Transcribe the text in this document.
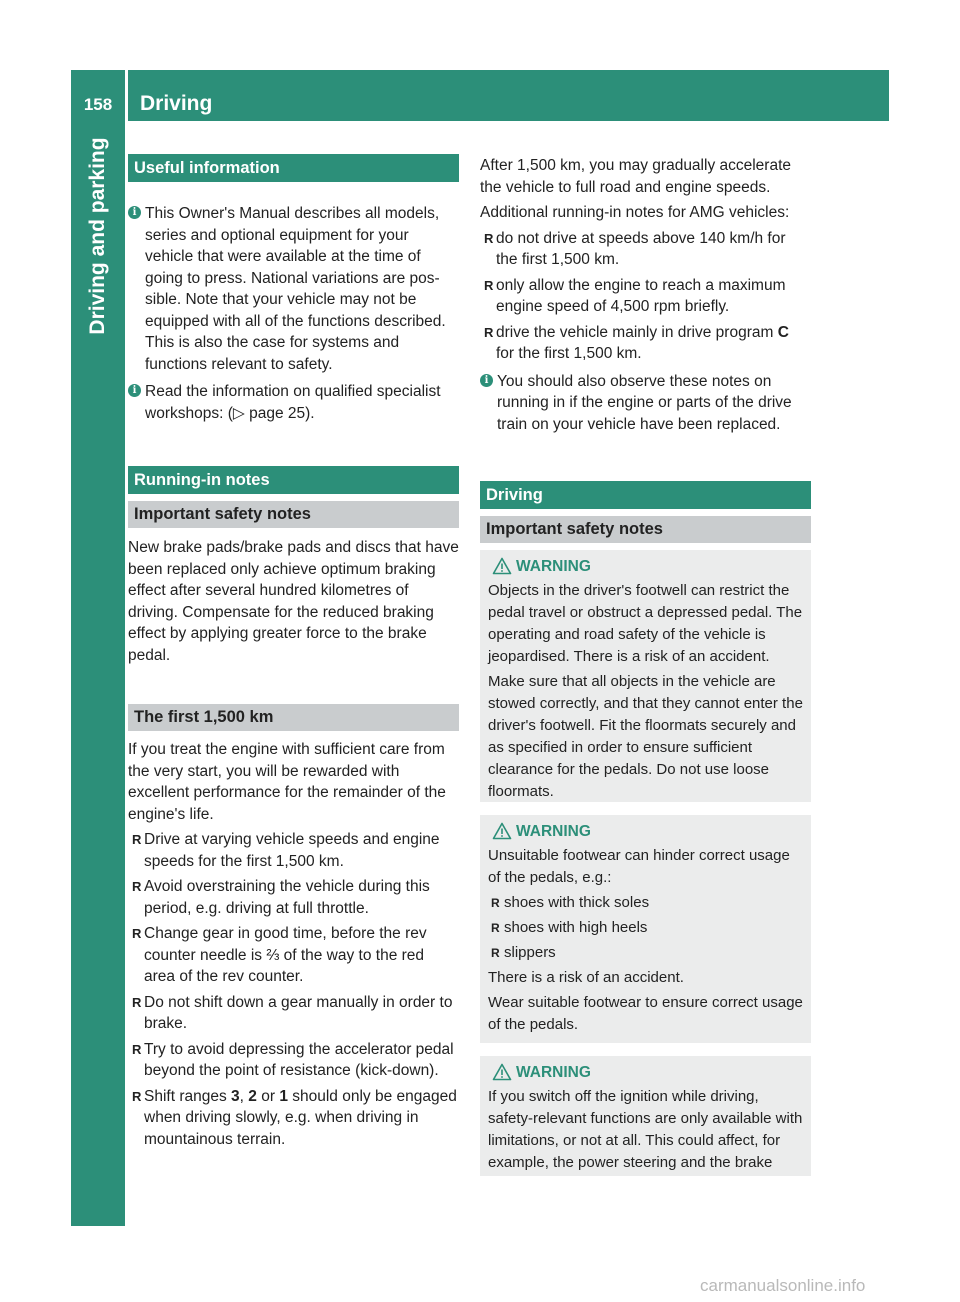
158	Driving
Driving and parking	Useful information
i This Owner's Manual describes all models, series and optional equipment for your vehicle that were available at the time of going to press. National variations are possible. Note that your vehicle may not be equipped with all of the functions described. This is also the case for systems and functions relevant to safety.
i Read the information on qualified specialist workshops: (▷ page 25).
Running-in notes
Important safety notes

New brake pads/brake pads and discs that have been replaced only achieve optimum braking effect after several hundred kilometres of driving. Compensate for the reduced braking effect by applying greater force to the brake pedal.

The first 1,500 km

If you treat the engine with sufficient care from the very start, you will be rewarded with excellent performance for the remainder of the engine's life.

R Drive at varying vehicle speeds and engine speeds for the first 1,500 km.
R Avoid overstraining the vehicle during this period, e.g. driving at full throttle.
R Change gear in good time, before the rev counter needle is ⅔ of the way to the red area of the rev counter.
R Do not shift down a gear manually in order to brake.
R Try to avoid depressing the accelerator pedal beyond the point of resistance (kick-down).
R Shift ranges 3, 2 or 1 should only be engaged when driving slowly, e.g. when driving in mountainous terrain.

After 1,500 km, you may gradually accelerate the vehicle to full road and engine speeds.

Additional running-in notes for AMG vehicles:

R do not drive at speeds above 140 km/h for the first 1,500 km.
R only allow the engine to reach a maximum engine speed of 4,500 rpm briefly.
R drive the vehicle mainly in drive program C for the first 1,500 km.
i You should also observe these notes on running in if the engine or parts of the drive train on your vehicle have been replaced.
Driving
Important safety notes
WARNING

Objects in the driver's footwell can restrict the pedal travel or obstruct a depressed pedal. The operating and road safety of the vehicle is jeopardised. There is a risk of an accident.

Make sure that all objects in the vehicle are stowed correctly, and that they cannot enter the driver's footwell. Fit the floormats securely and as specified in order to ensure sufficient clearance for the pedals. Do not use loose floormats.

WARNING

Unsuitable footwear can hinder correct usage of the pedals, e.g.:

R shoes with thick soles
R shoes with high heels
R slippers

There is a risk of an accident.

Wear suitable footwear to ensure correct usage of the pedals.

WARNING

If you switch off the ignition while driving, safety-relevant functions are only available with limitations, or not at all. This could affect, for example, the power steering and the brake

carmanualsonline.info
